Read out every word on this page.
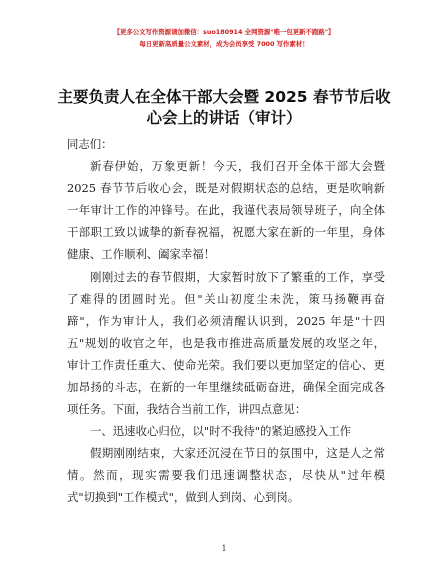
【更多公文写作资源请加微信：suo180914 全网资源"唯一包更新不跑路"】
每日更新高质量公文素材，成为会员享受 7000 写作素材！
主要负责人在全体干部大会暨 2025 春节节后收
心会上的讲话（审计）
同志们：
新春伊始，万象更新！今天，我们召开全体干部大会暨
2025 春节节后收心会，既是对假期状态的总结，更是吹响新
一年审计工作的冲锋号。在此，我谨代表局领导班子，向全体
干部职工致以诚挚的新春祝福，祝愿大家在新的一年里，身体
健康、工作顺利、阖家幸福！
刚刚过去的春节假期，大家暂时放下了繁重的工作，享受
了难得的团圆时光。但"关山初度尘未洗，策马扬鞭再奋
蹄"，作为审计人，我们必须清醒认识到，2025 年是"十四
五"规划的收官之年，也是我市推进高质量发展的攻坚之年，
审计工作责任重大、使命光荣。我们要以更加坚定的信心、更
加昂扬的斗志，在新的一年里继续砥砺奋进，确保全面完成各
项任务。下面，我结合当前工作，讲四点意见：
一、迅速收心归位，以"时不我待"的紧迫感投入工作
假期刚刚结束，大家还沉浸在节日的氛围中，这是人之常
情。然而，现实需要我们迅速调整状态，尽快从"过年模
式"切换到"工作模式"，做到人到岗、心到岗。
1
